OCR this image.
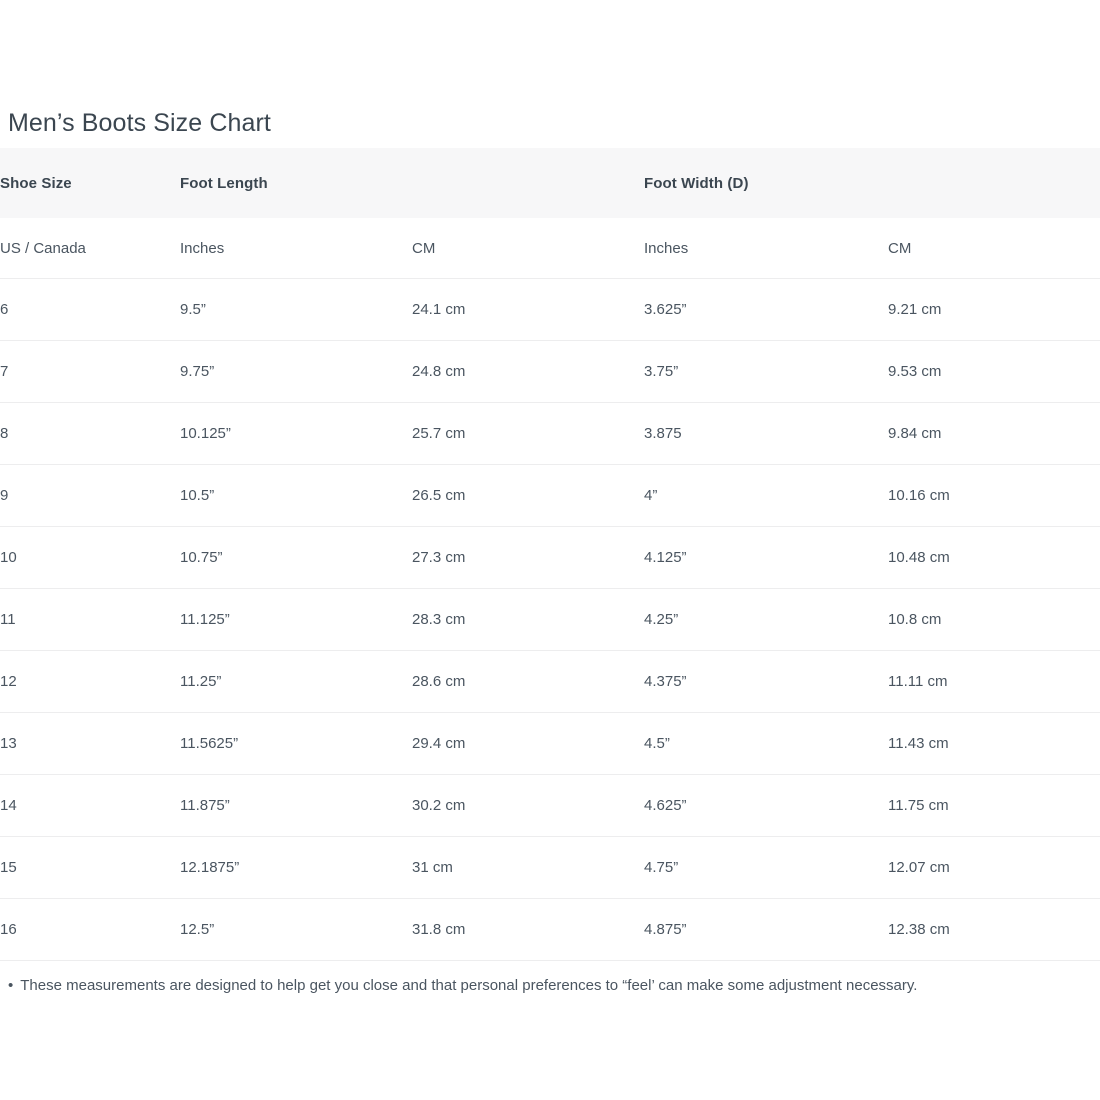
Men’s Boots Size Chart
Shoe Size	Foot Length		Foot Width (D)	
US / Canada	Inches	CM	Inches	CM
6	9.5”	24.1 cm	3.625”	9.21 cm
7	9.75”	24.8 cm	3.75”	9.53 cm
8	10.125”	25.7 cm	3.875	9.84 cm
9	10.5”	26.5 cm	4”	10.16 cm
10	10.75”	27.3 cm	4.125”	10.48 cm
11	11.125”	28.3 cm	4.25”	10.8 cm
12	11.25”	28.6 cm	4.375”	11.11 cm
13	11.5625”	29.4 cm	4.5”	11.43 cm
14	11.875”	30.2 cm	4.625”	11.75 cm
15	12.1875”	31 cm	4.75”	12.07 cm
16	12.5”	31.8 cm	4.875”	12.38 cm
• These measurements are designed to help get you close and that personal preferences to “feel’ can make some adjustment necessary.
